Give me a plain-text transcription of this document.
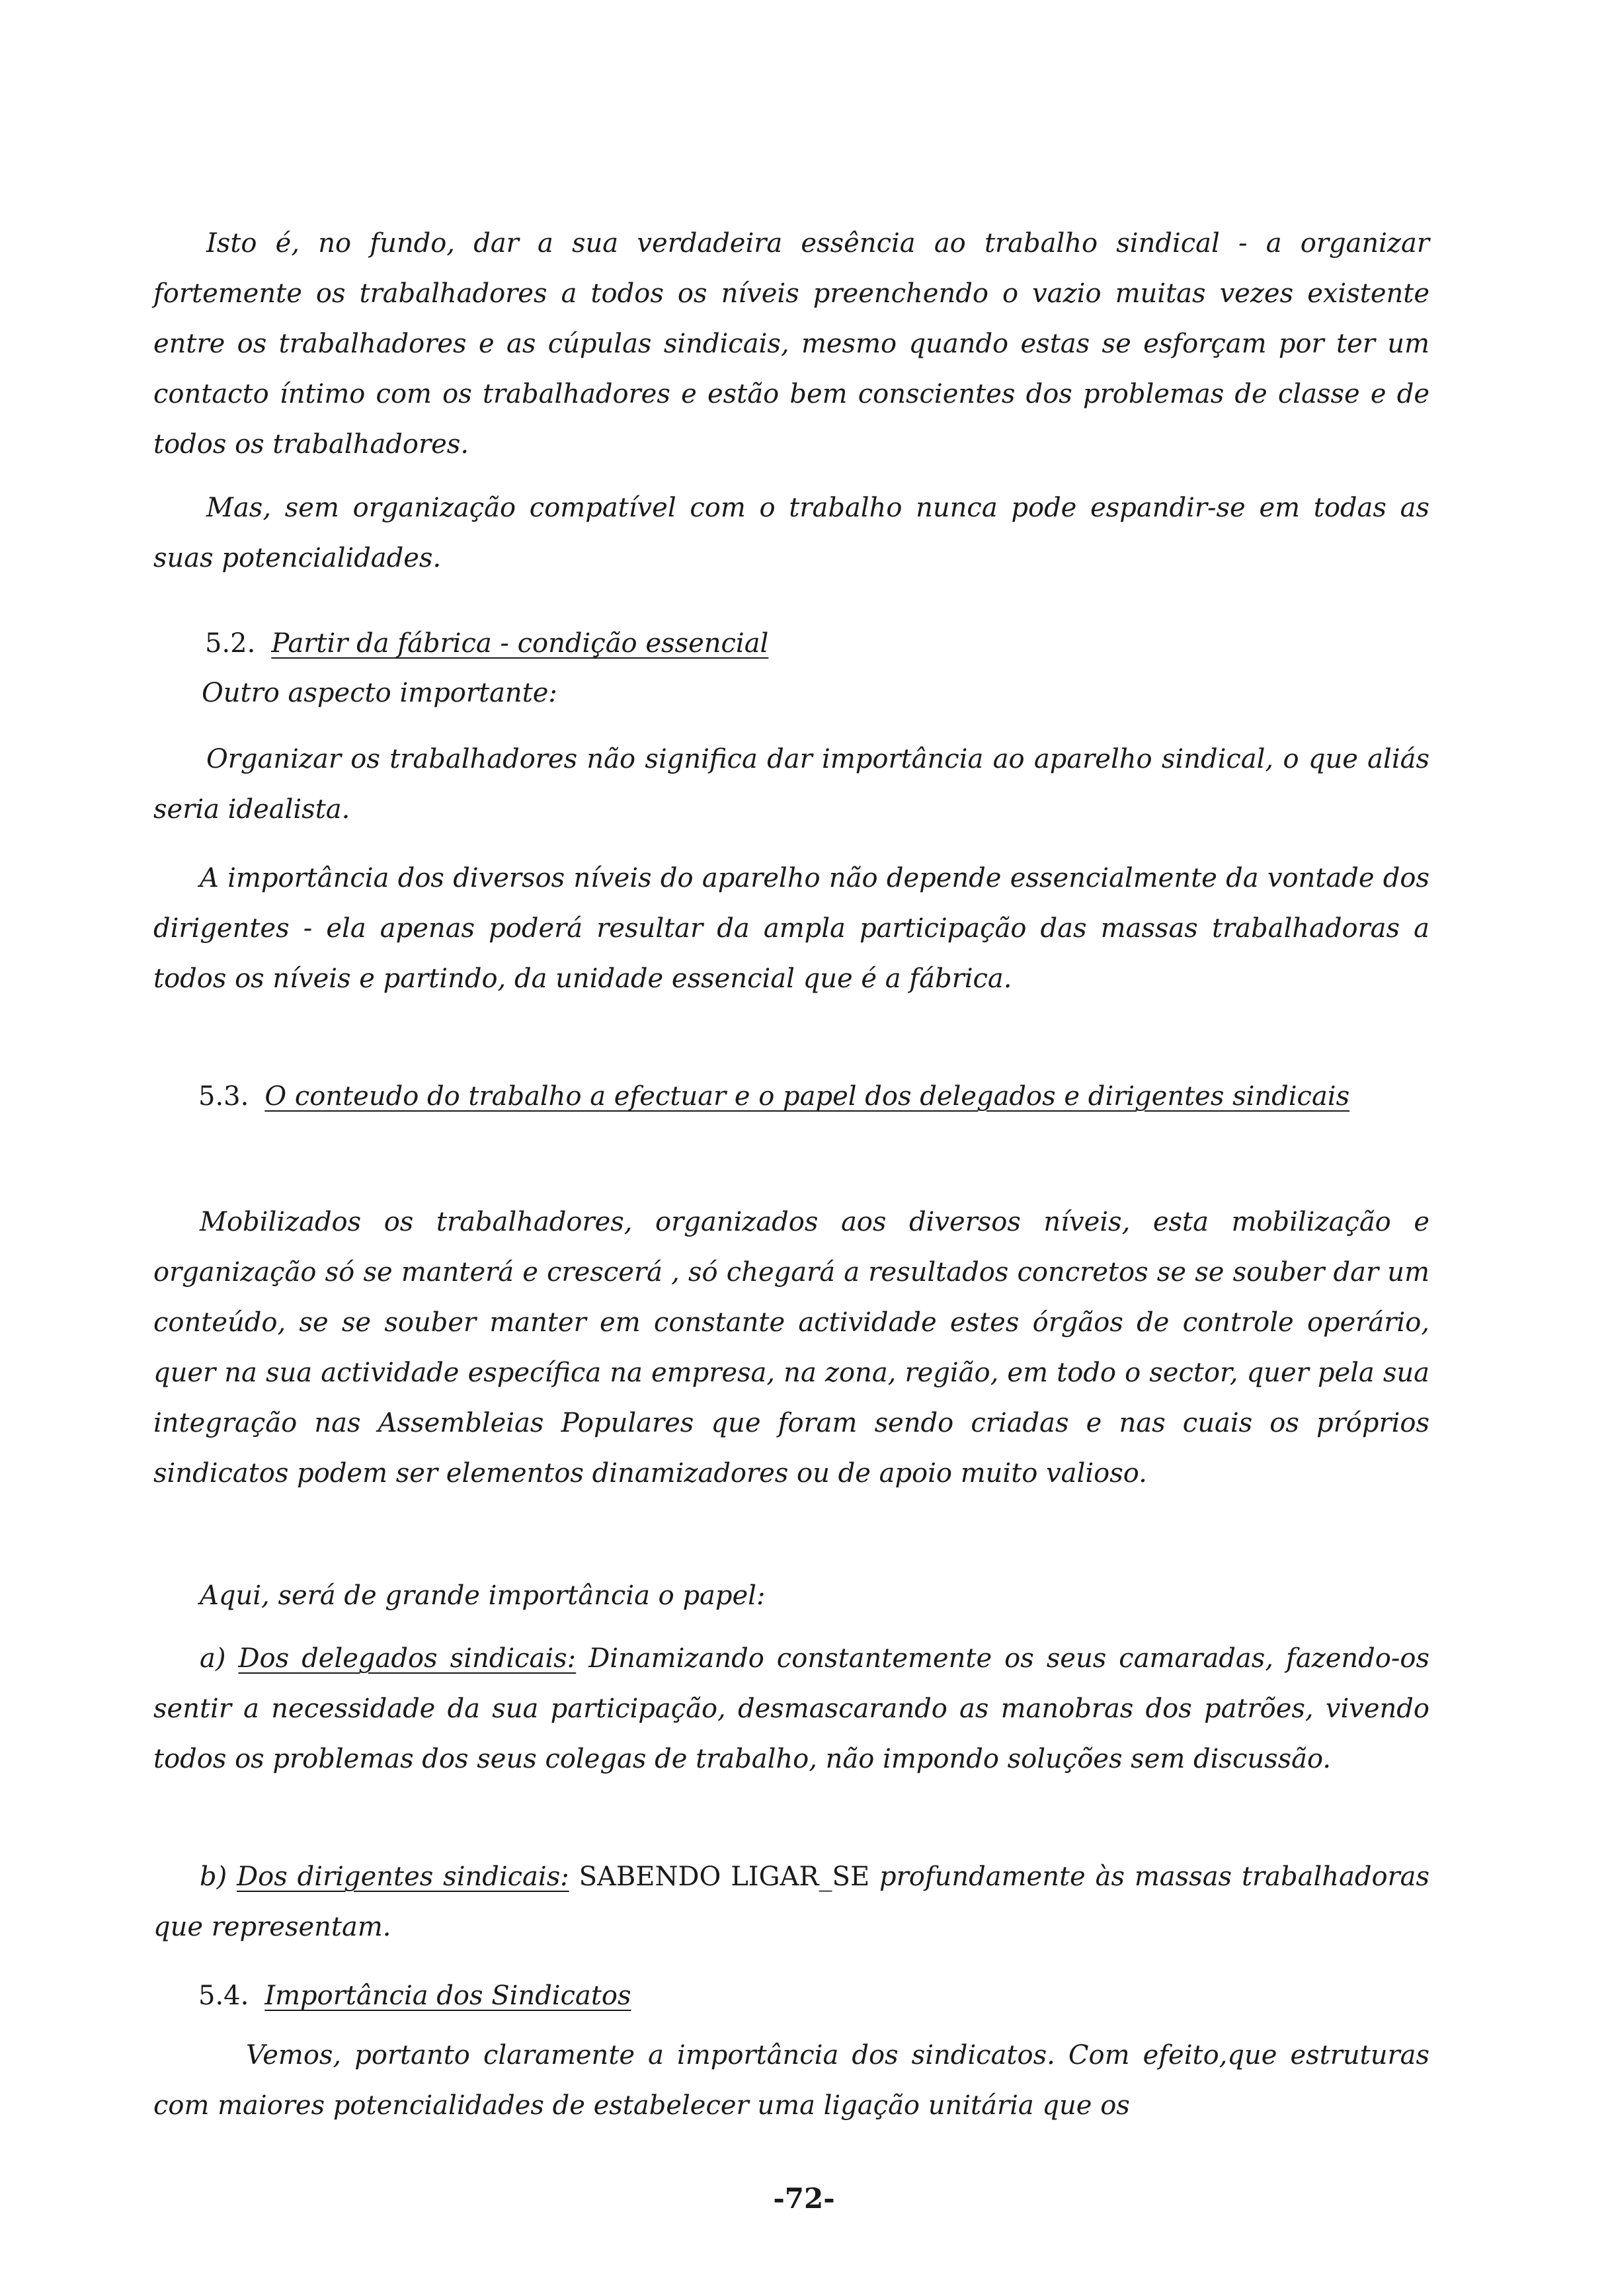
Isto é, no fundo, dar a sua verdadeira essência ao trabalho sindical - a organizar fortemente os trabalhadores a todos os níveis preenchendo o vazio muitas vezes existente entre os trabalhadores e as cúpulas sindicais, mesmo quando estas se esforçam por ter um contacto íntimo com os trabalhadores e estão bem conscientes dos problemas de classe e de todos os trabalhadores.

Mas, sem organização compatível com o trabalho nunca pode espandir-se em todas as suas potencialidades.

5.2. Partir da fábrica - condição essencial

Outro aspecto importante:

Organizar os trabalhadores não significa dar importância ao aparelho sindical, o que aliás seria idealista.

A importância dos diversos níveis do aparelho não depende essencialmente da vontade dos dirigentes - ela apenas poderá resultar da ampla participação das massas trabalhadoras a todos os níveis e partindo, da unidade essencial que é a fábrica.

5.3. O conteudo do trabalho a efectuar e o papel dos delegados e dirigentes sindicais

Mobilizados os trabalhadores, organizados aos diversos níveis, esta mobilização e organização só se manterá e crescerá , só chegará a resultados concretos se se souber dar um conteúdo, se se souber manter em constante actividade estes órgãos de controle operário, quer na sua actividade específica na empresa, na zona, região, em todo o sector, quer pela sua integração nas Assembleias Populares que foram sendo criadas e nas cuais os próprios sindicatos podem ser elementos dinamizadores ou de apoio muito valioso.

Aqui, será de grande importância o papel:

a) Dos delegados sindicais: Dinamizando constantemente os seus camaradas, fazendo-os sentir a necessidade da sua participação, desmascarando as manobras dos patrões, vivendo todos os problemas dos seus colegas de trabalho, não impondo soluções sem discussão.

b) Dos dirigentes sindicais: SABENDO LIGAR_SE profundamente às massas trabalhadoras que representam.

5.4. Importância dos Sindicatos

Vemos, portanto claramente a importância dos sindicatos. Com efeito,que estruturas com maiores potencialidades de estabelecer uma ligação unitária que os

-72-
